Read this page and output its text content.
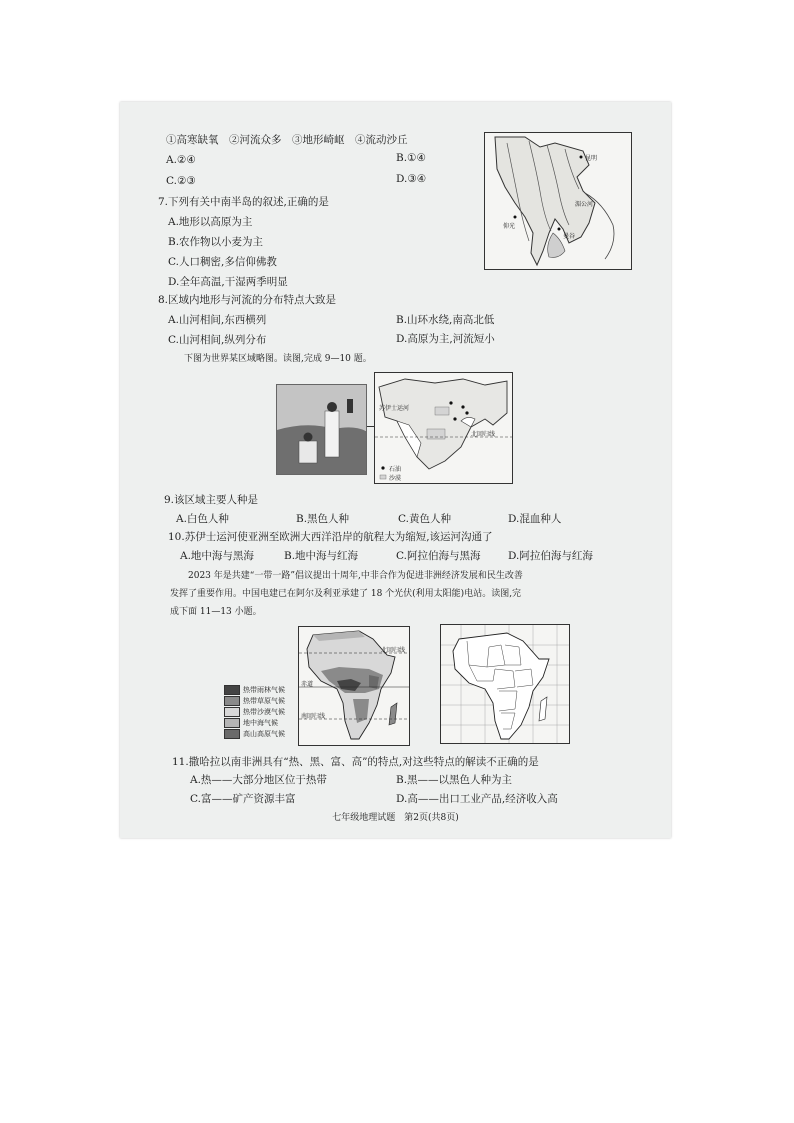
①高寒缺氧　②河流众多　③地形崎岖　④流动沙丘
A.②④	B.①④
C.②③	D.③④
7.下列有关中南半岛的叙述,正确的是
A.地形以高原为主
B.农作物以小麦为主
C.人口稠密,多信仰佛教
D.全年高温,干湿两季明显
8.区域内地形与河流的分布特点大致是
A.山河相间,东西横列	B.山环水绕,南高北低
C.山河相间,纵列分布	D.高原为主,河流短小
下图为世界某区域略图。读图,完成 9—10 题。
昆明
仰光
曼谷
湄公河
苏伊士运河
北回归线
石油
沙漠
9.该区域主要人种是
A.白色人种	B.黑色人种	C.黄色人种	D.混血种人
10.苏伊士运河使亚洲至欧洲大西洋沿岸的航程大为缩短,该运河沟通了
A.地中海与黑海	B.地中海与红海	C.阿拉伯海与黑海	D.阿拉伯海与红海
2023 年是共建“一带一路”倡议提出十周年,中非合作为促进非洲经济发展和民生改善
发挥了重要作用。中国电建已在阿尔及利亚承建了 18 个光伏(利用太阳能)电站。读图,完
成下面 11—13 小题。
热带雨林气候
热带草原气候
热带沙漠气候
地中海气候
高山高原气候
北回归线
赤道
南回归线
11.撒哈拉以南非洲具有“热、黑、富、高”的特点,对这些特点的解读不正确的是
A.热——大部分地区位于热带	B.黑——以黑色人种为主
C.富——矿产资源丰富	D.高——出口工业产品,经济收入高
七年级地理试题　第2页(共8页)
